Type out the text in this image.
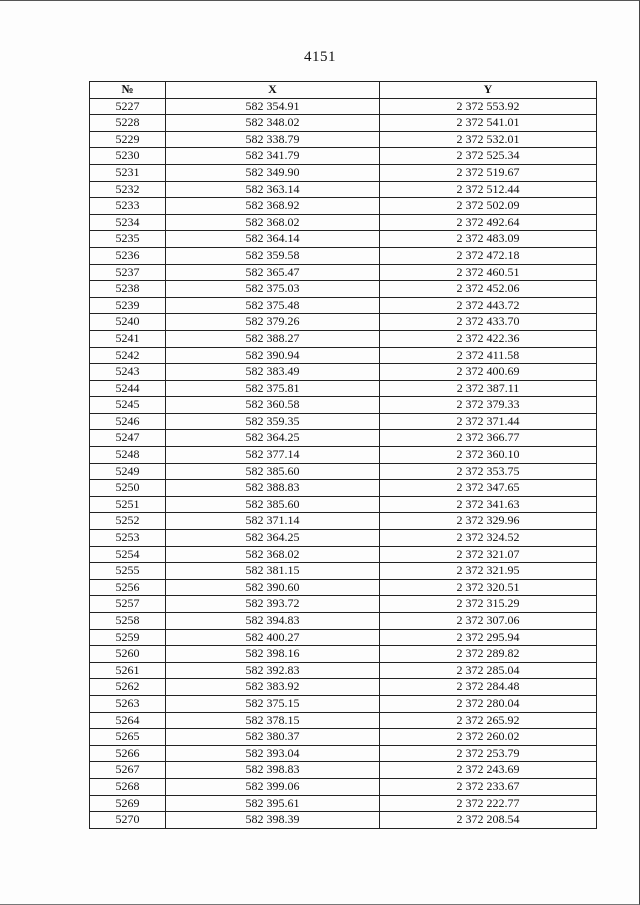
4151
№	X	Y
5227	582 354.91	2 372 553.92
5228	582 348.02	2 372 541.01
5229	582 338.79	2 372 532.01
5230	582 341.79	2 372 525.34
5231	582 349.90	2 372 519.67
5232	582 363.14	2 372 512.44
5233	582 368.92	2 372 502.09
5234	582 368.02	2 372 492.64
5235	582 364.14	2 372 483.09
5236	582 359.58	2 372 472.18
5237	582 365.47	2 372 460.51
5238	582 375.03	2 372 452.06
5239	582 375.48	2 372 443.72
5240	582 379.26	2 372 433.70
5241	582 388.27	2 372 422.36
5242	582 390.94	2 372 411.58
5243	582 383.49	2 372 400.69
5244	582 375.81	2 372 387.11
5245	582 360.58	2 372 379.33
5246	582 359.35	2 372 371.44
5247	582 364.25	2 372 366.77
5248	582 377.14	2 372 360.10
5249	582 385.60	2 372 353.75
5250	582 388.83	2 372 347.65
5251	582 385.60	2 372 341.63
5252	582 371.14	2 372 329.96
5253	582 364.25	2 372 324.52
5254	582 368.02	2 372 321.07
5255	582 381.15	2 372 321.95
5256	582 390.60	2 372 320.51
5257	582 393.72	2 372 315.29
5258	582 394.83	2 372 307.06
5259	582 400.27	2 372 295.94
5260	582 398.16	2 372 289.82
5261	582 392.83	2 372 285.04
5262	582 383.92	2 372 284.48
5263	582 375.15	2 372 280.04
5264	582 378.15	2 372 265.92
5265	582 380.37	2 372 260.02
5266	582 393.04	2 372 253.79
5267	582 398.83	2 372 243.69
5268	582 399.06	2 372 233.67
5269	582 395.61	2 372 222.77
5270	582 398.39	2 372 208.54
